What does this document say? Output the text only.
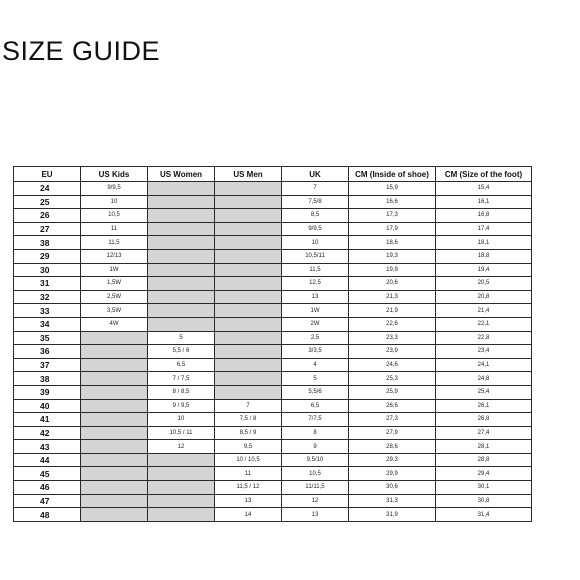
SIZE GUIDE
EU	US Kids	US Women	US Men	UK	CM (Inside of shoe)	CM (Size of the foot)
24	9/9,5			7	15,9	15,4
25	10			7,5/8	16,6	16,1
26	10,5			8,5	17,3	16,8
27	11			9/9,5	17,9	17,4
38	11,5			10	18,6	18,1
29	12/13			10,5/11	19,3	18,8
30	1W			11,5	19,9	19,4
31	1,5W			12,5	20,6	20,5
32	2,5W			13	21,3	20,8
33	3,5W			1W	21,9	21,4
34	4W			2W	22,6	22,1
35		5		2,5	23,3	22,8
36		5,5 / 6		3/3,5	23,9	23,4
37		6,5		4	24,6	24,1
38		7 / 7,5		5	25,3	24,8
39		8 / 8,5		5,5/6	25,9	25,4
40		9 / 9,5	7	6,5	26,6	26,1
41		10	7,5 / 8	7/7,5	27,3	26,8
42		10,5 / 11	8,5 / 9	8	27,9	27,4
43		12	9,5	9	28,6	28,1
44			10 / 10,5	9,5/10	29,3	28,8
45			11	10,5	29,9	29,4
46			11,5 / 12	11/11,5	30,6	30,1
47			13	12	31,3	30,8
48			14	13	31,9	31,4
